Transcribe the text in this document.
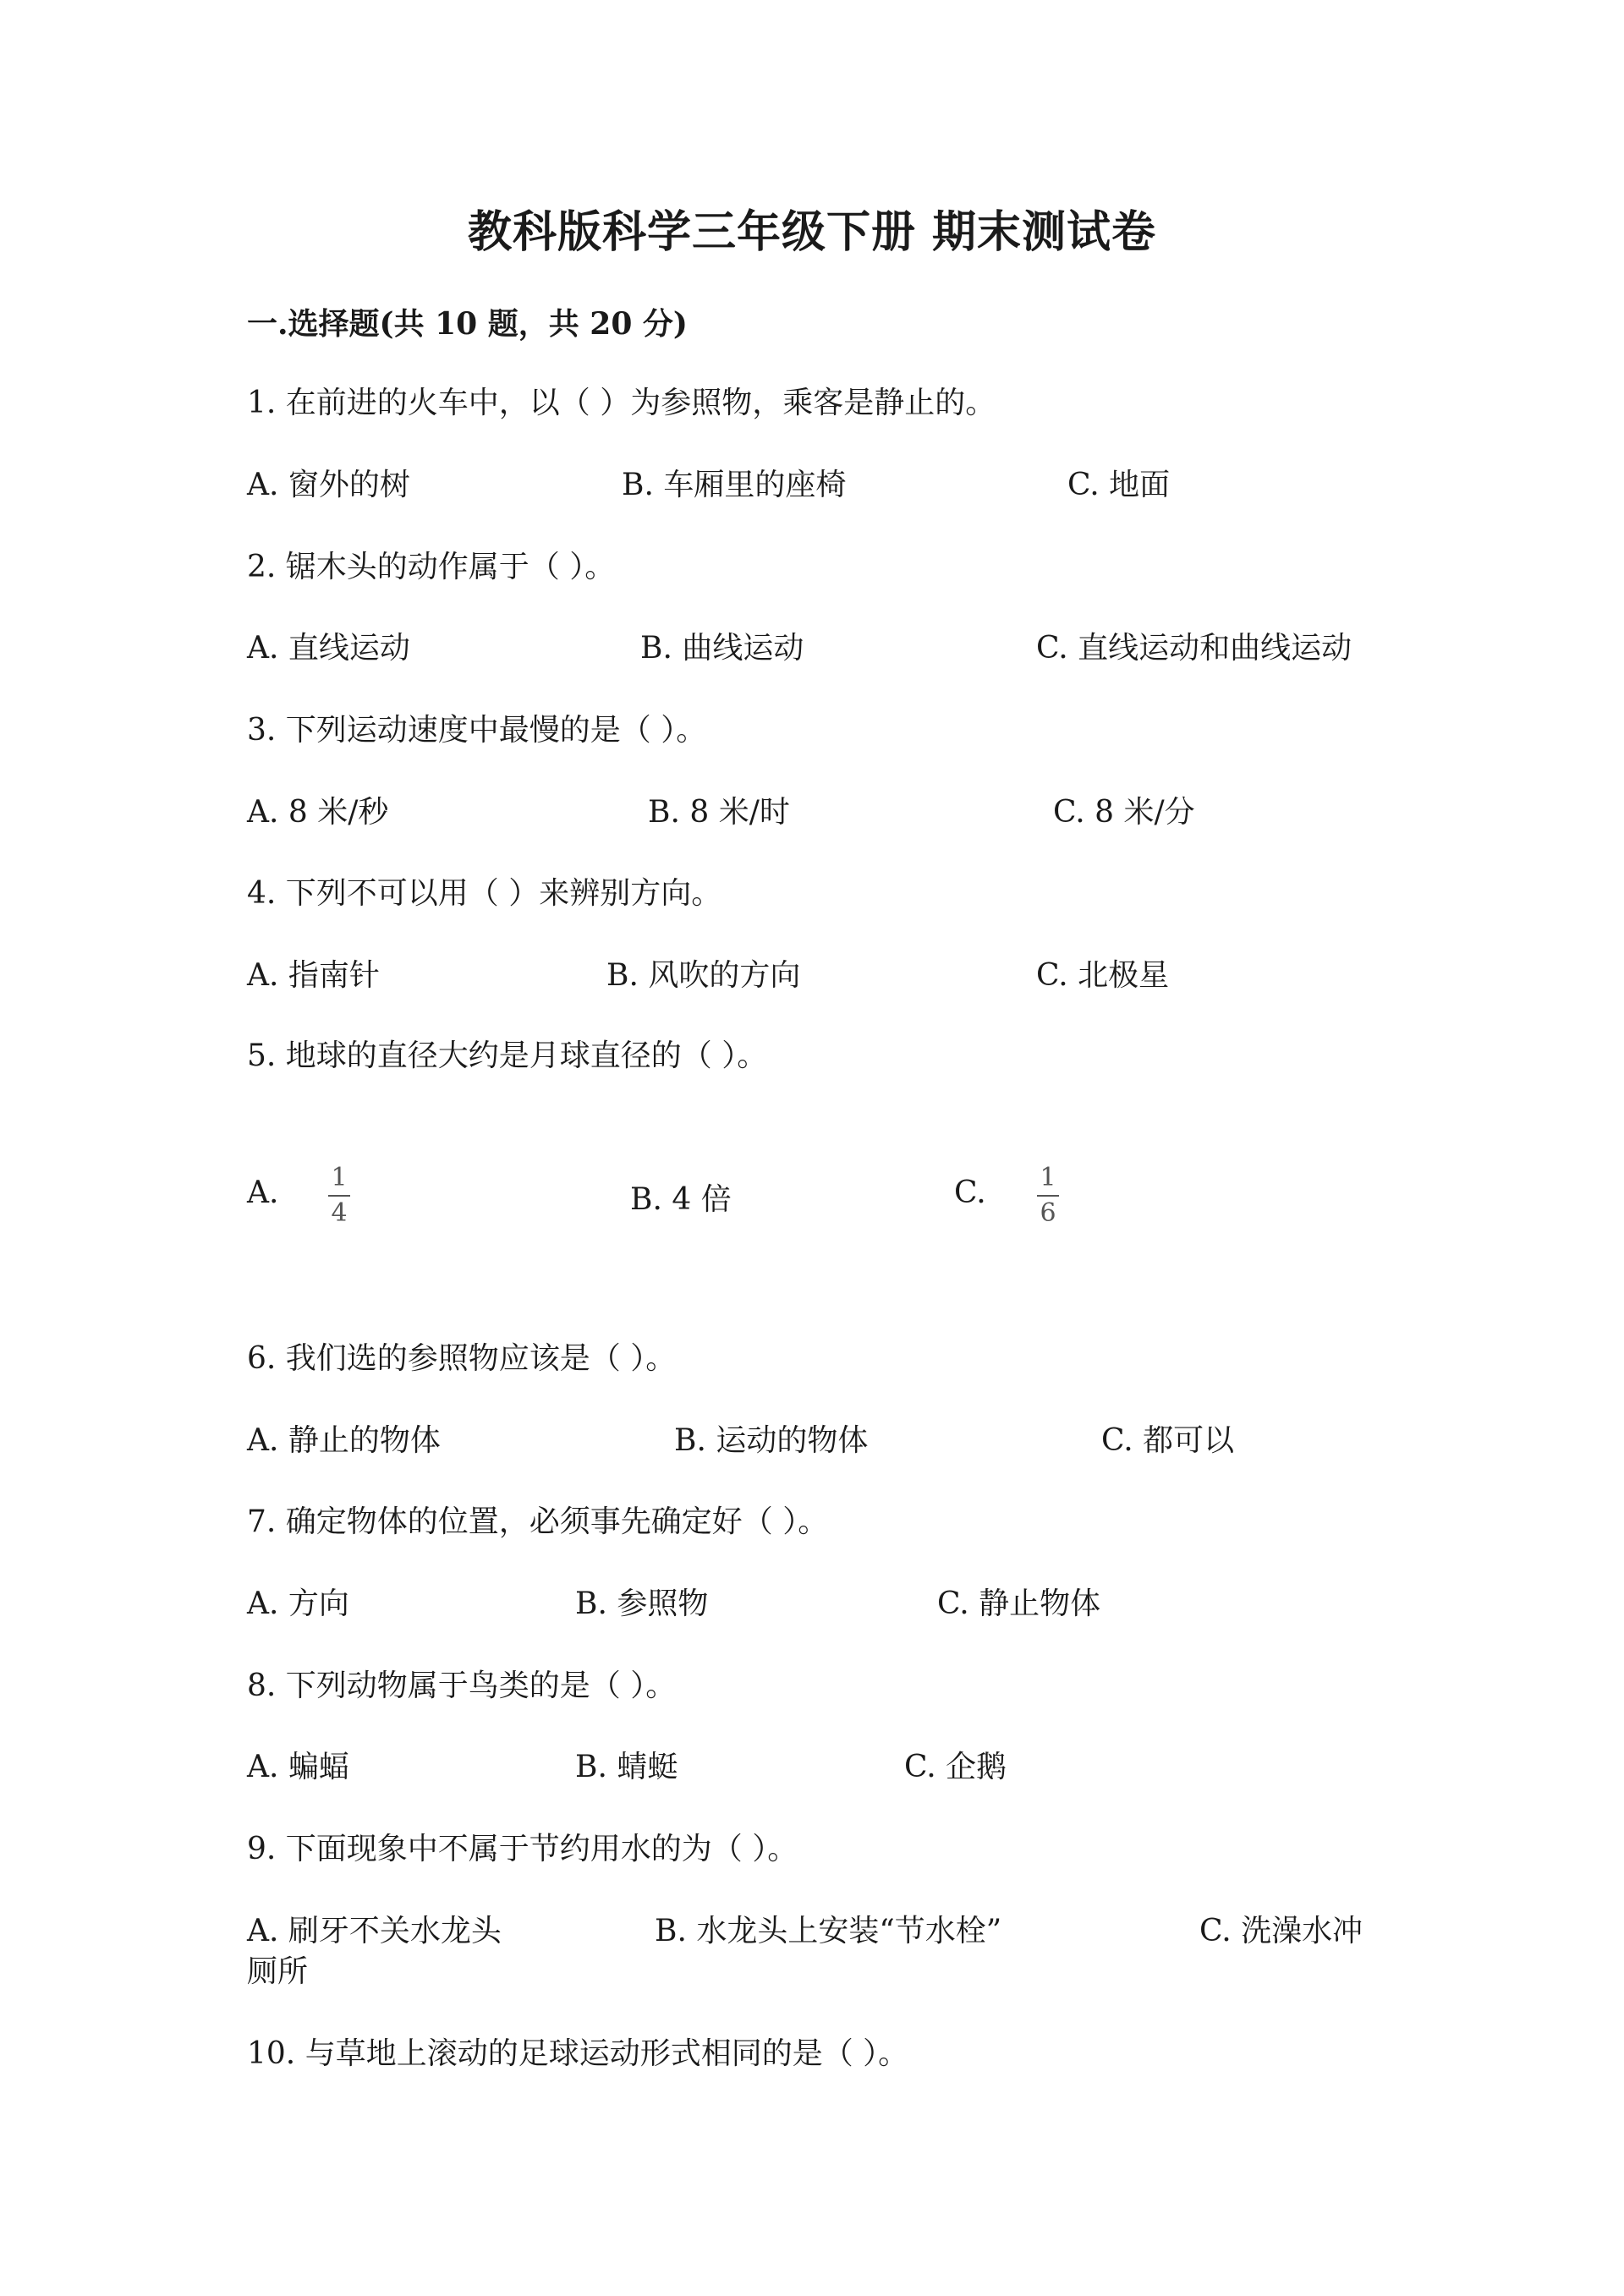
教科版科学三年级下册 期末测试卷
一.选择题(共 10 题，共 20 分)
1. 在前进的火车中，以（ ）为参照物，乘客是静止的。
A. 窗外的树	B. 车厢里的座椅	C. 地面
2. 锯木头的动作属于（ ）。
A. 直线运动	B. 曲线运动	C. 直线运动和曲线运动
3. 下列运动速度中最慢的是（ ）。
A. 8 米/秒	B. 8 米/时	C. 8 米/分
4. 下列不可以用（ ）来辨别方向。
A. 指南针	B. 风吹的方向	C. 北极星
5. 地球的直径大约是月球直径的（ ）。
A. 1
4	B. 4 倍	C. 1
6
6. 我们选的参照物应该是（ ）。
A. 静止的物体	B. 运动的物体	C. 都可以
7. 确定物体的位置，必须事先确定好（ ）。
A. 方向	B. 参照物	C. 静止物体
8. 下列动物属于鸟类的是（ ）。
A. 蝙蝠	B. 蜻蜓	C. 企鹅
9. 下面现象中不属于节约用水的为（ ）。
A. 刷牙不关水龙头	B. 水龙头上安装“节水栓”	C. 洗澡水冲
厕所
10. 与草地上滚动的足球运动形式相同的是（ ）。
